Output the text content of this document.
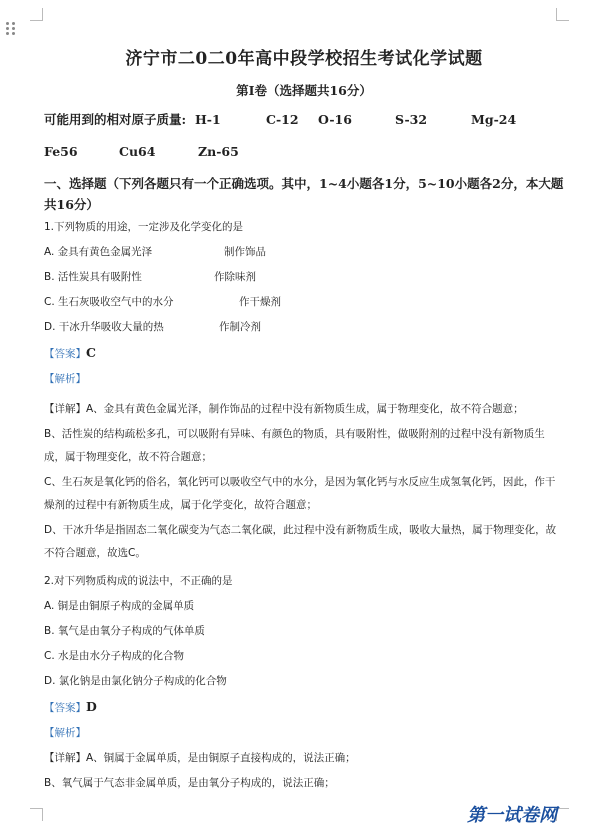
济宁市二0二0年高中段学校招生考试化学试题
第Ⅰ卷（选择题共16分）
可能用到的相对原子质量: H-1	C-12	O-16	S-32	Mg-24
Fe56	Cu64	Zn-65
一、选择题（下列各题只有一个正确选项。其中，1~4小题各1分，5~10小题各2分，本大题共16分）
1.下列物质的用途，一定涉及化学变化的是
A. 金具有黄色金属光泽	制作饰品
B. 活性炭具有吸附性	作除味剂
C. 生石灰吸收空气中的水分	作干燥剂
D. 干冰升华吸收大量的热	作制冷剂
【答案】C
【解析】
【详解】A、金具有黄色金属光泽，制作饰品的过程中没有新物质生成，属于物理变化，故不符合题意；
B、活性炭的结构疏松多孔，可以吸附有异味、有颜色的物质，具有吸附性，做吸附剂的过程中没有新物质生成，属于物理变化，故不符合题意；
C、生石灰是氧化钙的俗名，氧化钙可以吸收空气中的水分，是因为氧化钙与水反应生成氢氧化钙，因此，作干燥剂的过程中有新物质生成，属于化学变化，故符合题意；
D、干冰升华是指固态二氧化碳变为气态二氧化碳，此过程中没有新物质生成，吸收大量热，属于物理变化，故不符合题意，故选C。
2.对下列物质构成的说法中，不正确的是
A. 铜是由铜原子构成的金属单质
B. 氧气是由氧分子构成的气体单质
C. 水是由水分子构成的化合物
D. 氯化钠是由氯化钠分子构成的化合物
【答案】D
【解析】
【详解】A、铜属于金属单质，是由铜原子直接构成的，说法正确；
B、氧气属于气态非金属单质，是由氧分子构成的，说法正确；
第一试卷网
